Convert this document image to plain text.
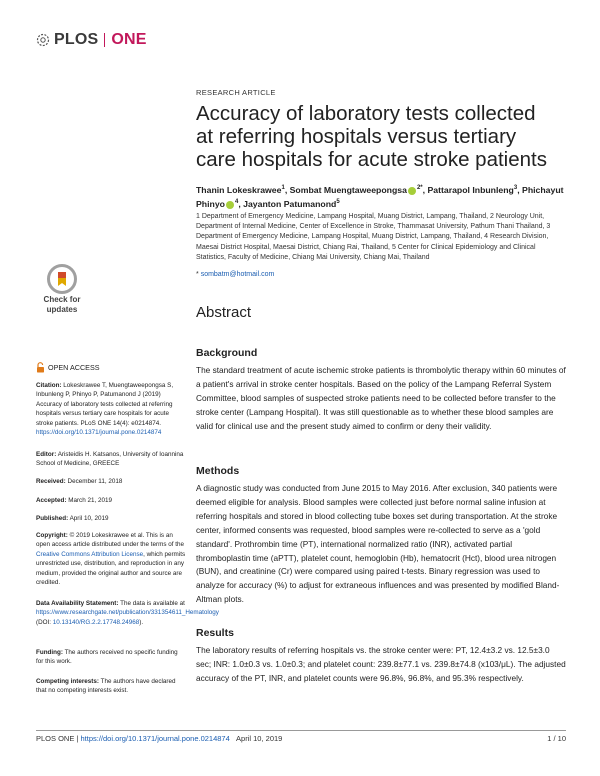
PLOS ONE
RESEARCH ARTICLE
Accuracy of laboratory tests collected at referring hospitals versus tertiary care hospitals for acute stroke patients
Thanin Lokeskrawee$^1$, Sombat Muengtaweepongsa $^{2*}$, Pattarapol Inbunleng$^3$, Phichayut Phinyo $^4$, Jayanton Patumanond$^5$
1 Department of Emergency Medicine, Lampang Hospital, Muang District, Lampang, Thailand, 2 Neurology Unit, Department of Internal Medicine, Center of Excellence in Stroke, Thammasat University, Pathum Thani Thailand, 3 Department of Emergency Medicine, Lampang Hospital, Muang District, Lampang, Thailand, 4 Research Division, Maesai District Hospital, Maesai District, Chiang Rai, Thailand, 5 Center for Clinical Epidemiology and Clinical Statistics, Faculty of Medicine, Chiang Mai University, Chiang Mai, Thailand
* sombatm@hotmail.com
Check for
updates	Abstract
Background
The standard treatment of acute ischemic stroke patients is thrombolytic therapy within 60 minutes of a patient's arrival in stroke center hospitals. Based on the policy of the Lampang Referral System Committee, blood samples of suspected stroke patients need to be collected before transfer to the stroke center (Lampang Hospital). It was still questionable as to whether these blood samples are valid for clinical use and the present study aimed to confirm or deny their validity.
Methods
A diagnostic study was conducted from June 2015 to May 2016. After exclusion, 340 patients were deemed eligible for analysis. Blood samples were collected just before normal saline infusion at referring hospitals and stored in blood collecting tube boxes set during transportation. At the stroke center, informed consents was requested, blood samples were re-collected to serve as a 'gold standard'. Prothrombin time (PT), international normalized ratio (INR), activated partial thromboplastin time (aPTT), platelet count, hemoglobin (Hb), hematocrit (Hct), blood urea nitrogen (BUN), and creatinine (Cr) were compared using paired t-tests. Binary regression was used to analyze for accuracy (%) to adjust for extraneous influences and was presented by modified Bland-Altman plots.
Results
The laboratory results of referring hospitals vs. the stroke center were: PT, 12.4±3.2 vs. 12.5±3.0 sec; INR: 1.0±0.3 vs. 1.0±0.3; and platelet count: 239.8±77.1 vs. 239.8±74.8 (x103/μL). The adjusted accuracy of the PT, INR, and platelet counts were 96.8%, 96.8%, and 95.3% respectively.
OPEN ACCESS
Citation: Lokeskrawee T, Muengtaweepongsa S, Inbunleng P, Phinyo P, Patumanond J (2019) Accuracy of laboratory tests collected at referring hospitals versus tertiary care hospitals for acute stroke patients. PLoS ONE 14(4): e0214874. https://doi.org/10.1371/journal.pone.0214874
Editor: Aristeidis H. Katsanos, University of Ioannina School of Medicine, GREECE
Received: December 11, 2018
Accepted: March 21, 2019
Published: April 10, 2019
Copyright: © 2019 Lokeskrawee et al. This is an open access article distributed under the terms of the Creative Commons Attribution License, which permits unrestricted use, distribution, and reproduction in any medium, provided the original author and source are credited.
Data Availability Statement: The data is available at https://www.researchgate.net/publication/331354611_Hematology (DOI: 10.13140/RG.2.2.17748.24968).
Funding: The authors received no specific funding for this work.
Competing interests: The authors have declared that no competing interests exist.
PLOS ONE | https://doi.org/10.1371/journal.pone.0214874 April 10, 2019	1 / 10
